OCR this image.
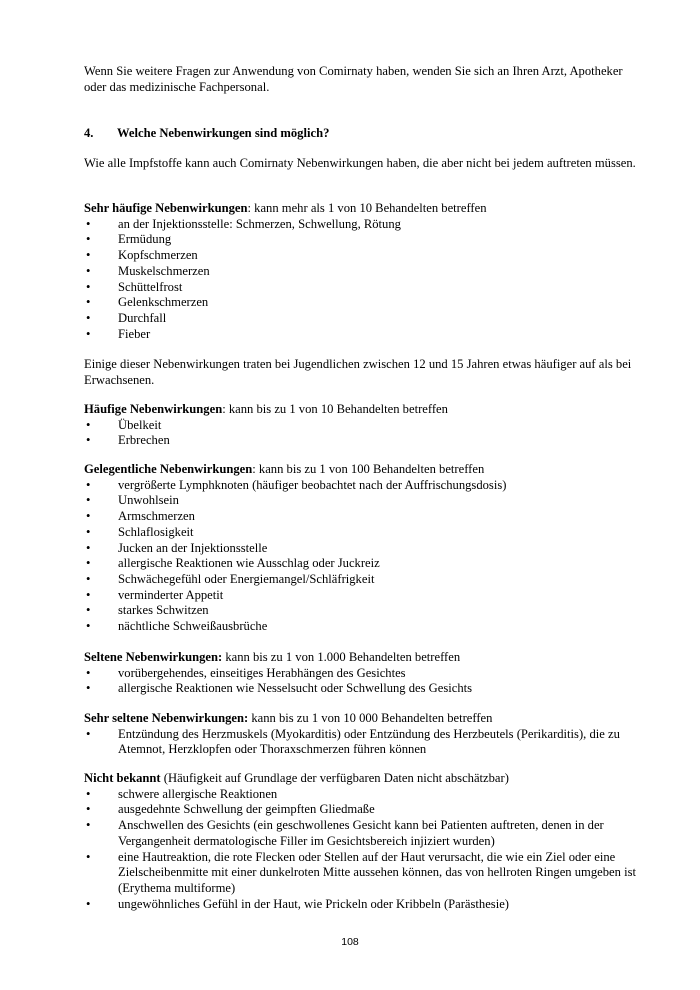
Wenn Sie weitere Fragen zur Anwendung von Comirnaty haben, wenden Sie sich an Ihren Arzt, Apotheker oder das medizinische Fachpersonal.

4. Welche Nebenwirkungen sind möglich?

Wie alle Impfstoffe kann auch Comirnaty Nebenwirkungen haben, die aber nicht bei jedem auftreten müssen.

Sehr häufige Nebenwirkungen: kann mehr als 1 von 10 Behandelten betreffen

• an der Injektionsstelle: Schmerzen, Schwellung, Rötung
• Ermüdung
• Kopfschmerzen
• Muskelschmerzen
• Schüttelfrost
• Gelenkschmerzen
• Durchfall
• Fieber

Einige dieser Nebenwirkungen traten bei Jugendlichen zwischen 12 und 15 Jahren etwas häufiger auf als bei Erwachsenen.

Häufige Nebenwirkungen: kann bis zu 1 von 10 Behandelten betreffen

• Übelkeit
• Erbrechen

Gelegentliche Nebenwirkungen: kann bis zu 1 von 100 Behandelten betreffen

• vergrößerte Lymphknoten (häufiger beobachtet nach der Auffrischungsdosis)
• Unwohlsein
• Armschmerzen
• Schlaflosigkeit
• Jucken an der Injektionsstelle
• allergische Reaktionen wie Ausschlag oder Juckreiz
• Schwächegefühl oder Energiemangel/Schläfrigkeit
• verminderter Appetit
• starkes Schwitzen
• nächtliche Schweißausbrüche

Seltene Nebenwirkungen: kann bis zu 1 von 1.000 Behandelten betreffen

• vorübergehendes, einseitiges Herabhängen des Gesichtes
• allergische Reaktionen wie Nesselsucht oder Schwellung des Gesichts

Sehr seltene Nebenwirkungen: kann bis zu 1 von 10 000 Behandelten betreffen

• Entzündung des Herzmuskels (Myokarditis) oder Entzündung des Herzbeutels (Perikarditis), die zu Atemnot, Herzklopfen oder Thoraxschmerzen führen können

Nicht bekannt (Häufigkeit auf Grundlage der verfügbaren Daten nicht abschätzbar)

• schwere allergische Reaktionen
• ausgedehnte Schwellung der geimpften Gliedmaße
• Anschwellen des Gesichts (ein geschwollenes Gesicht kann bei Patienten auftreten, denen in der Vergangenheit dermatologische Filler im Gesichtsbereich injiziert wurden)
• eine Hautreaktion, die rote Flecken oder Stellen auf der Haut verursacht, die wie ein Ziel oder eine Zielscheibenmitte mit einer dunkelroten Mitte aussehen können, das von hellroten Ringen umgeben ist (Erythema multiforme)
• ungewöhnliches Gefühl in der Haut, wie Prickeln oder Kribbeln (Parästhesie)
108
